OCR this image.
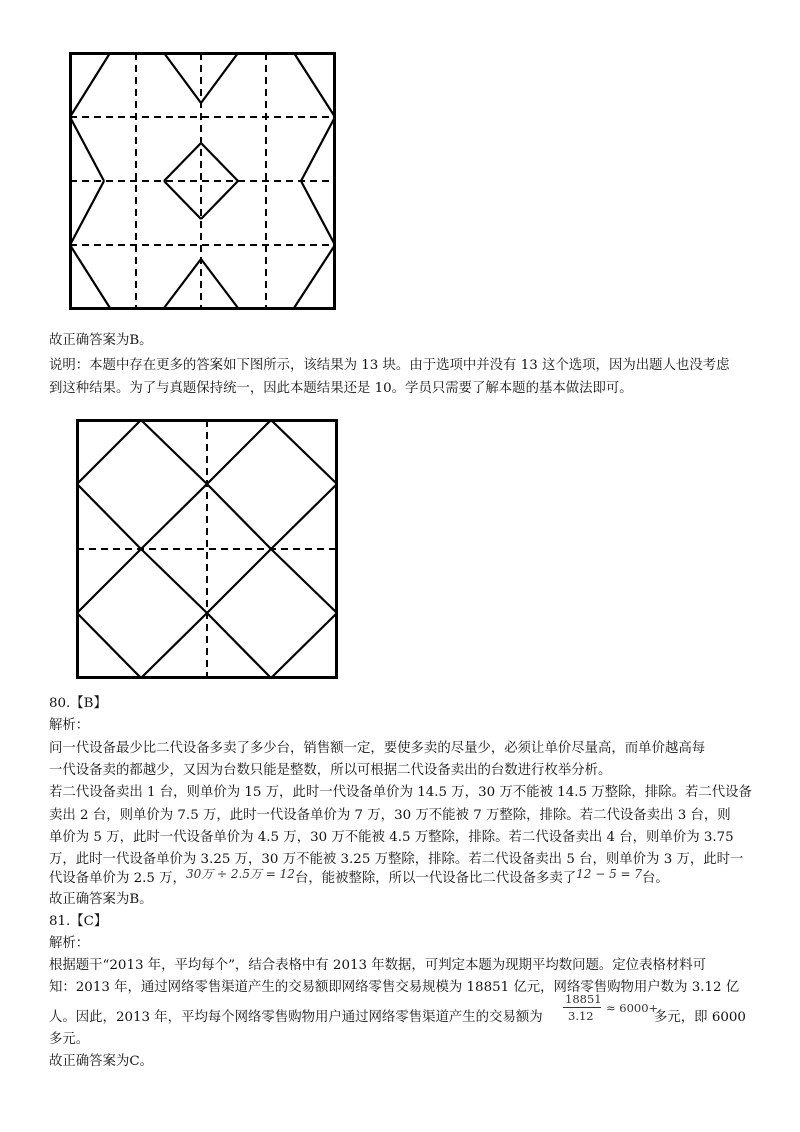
故正确答案为B。
说明：本题中存在更多的答案如下图所示，该结果为 13 块。由于选项中并没有 13 这个选项，因为出题人也没考虑
到这种结果。为了与真题保持统一，因此本题结果还是 10。学员只需要了解本题的基本做法即可。
80.【B】
解析：
问一代设备最少比二代设备多卖了多少台，销售额一定，要使多卖的尽量少，必须让单价尽量高，而单价越高每
一代设备卖的都越少，又因为台数只能是整数，所以可根据二代设备卖出的台数进行枚举分析。
若二代设备卖出 1 台，则单价为 15 万，此时一代设备单价为 14.5 万，30 万不能被 14.5 万整除，排除。若二代设备
卖出 2 台，则单价为 7.5 万，此时一代设备单价为 7 万，30 万不能被 7 万整除，排除。若二代设备卖出 3 台，则
单价为 5 万，此时一代设备单价为 4.5 万，30 万不能被 4.5 万整除，排除。若二代设备卖出 4 台，则单价为 3.75
万，此时一代设备单价为 3.25 万，30 万不能被 3.25 万整除，排除。若二代设备卖出 5 台，则单价为 3 万，此时一
代设备单价为 2.5 万，30万 ÷ 2.5万 = 12台，能被整除，所以一代设备比二代设备多卖了12 − 5 = 7台。
故正确答案为B。
81.【C】
解析：
根据题干“2013 年，平均每个”，结合表格中有 2013 年数据，可判定本题为现期平均数问题。定位表格材料可
知：2013 年，通过网络零售渠道产生的交易额即网络零售交易规模为 18851 亿元，网络零售购物用户数为 3.12 亿
人。因此，2013 年，平均每个网络零售购物用户通过网络零售渠道产生的交易额为
18851
3.12
≈ 6000+
多元，即 6000
多元。
故正确答案为C。
